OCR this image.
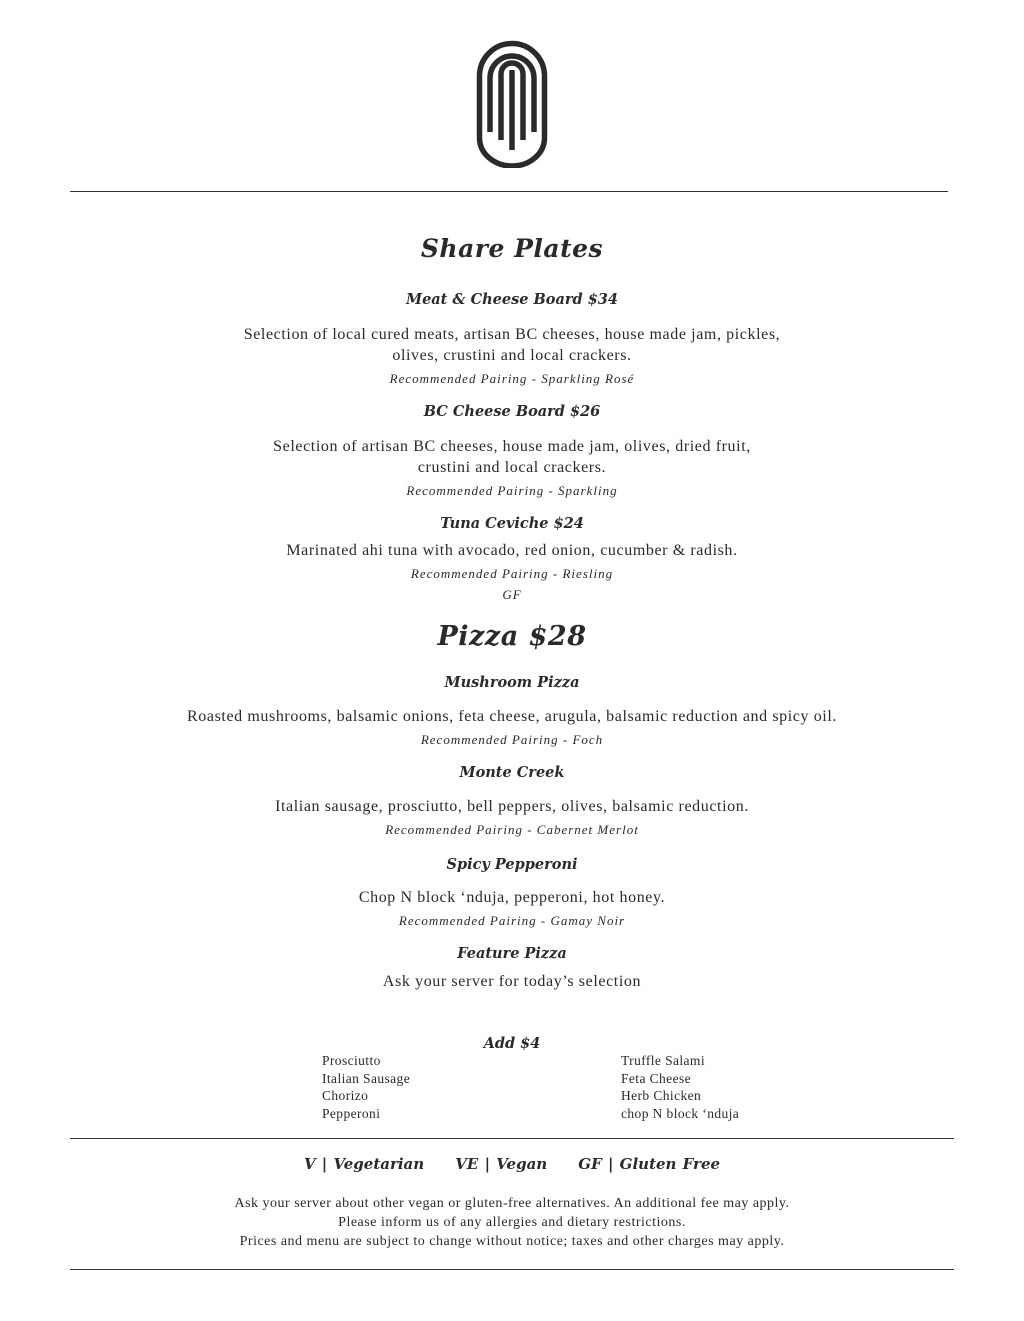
Share Plates
Meat & Cheese Board $34
Selection of local cured meats, artisan BC cheeses, house made jam, pickles,
olives, crustini and local crackers.
Recommended Pairing - Sparkling Rosé
BC Cheese Board $26
Selection of artisan BC cheeses, house made jam, olives, dried fruit,
crustini and local crackers.
Recommended Pairing - Sparkling
Tuna Ceviche $24
Marinated ahi tuna with avocado, red onion, cucumber & radish.
Recommended Pairing - Riesling
GF
Pizza $28
Mushroom Pizza
Roasted mushrooms, balsamic onions, feta cheese, arugula, balsamic reduction and spicy oil.
Recommended Pairing - Foch
Monte Creek
Italian sausage, prosciutto, bell peppers, olives, balsamic reduction.
Recommended Pairing - Cabernet Merlot
Spicy Pepperoni
Chop N block ‘nduja, pepperoni, hot honey.
Recommended Pairing - Gamay Noir
Feature Pizza
Ask your server for today’s selection
Add $4
Prosciutto
Italian Sausage
Chorizo
Pepperoni
Truffle Salami
Feta Cheese
Herb Chicken
chop N block ‘nduja
V | Vegetarian     VE | Vegan     GF | Gluten Free
Ask your server about other vegan or gluten-free alternatives. An additional fee may apply.
Please inform us of any allergies and dietary restrictions.
Prices and menu are subject to change without notice; taxes and other charges may apply.
